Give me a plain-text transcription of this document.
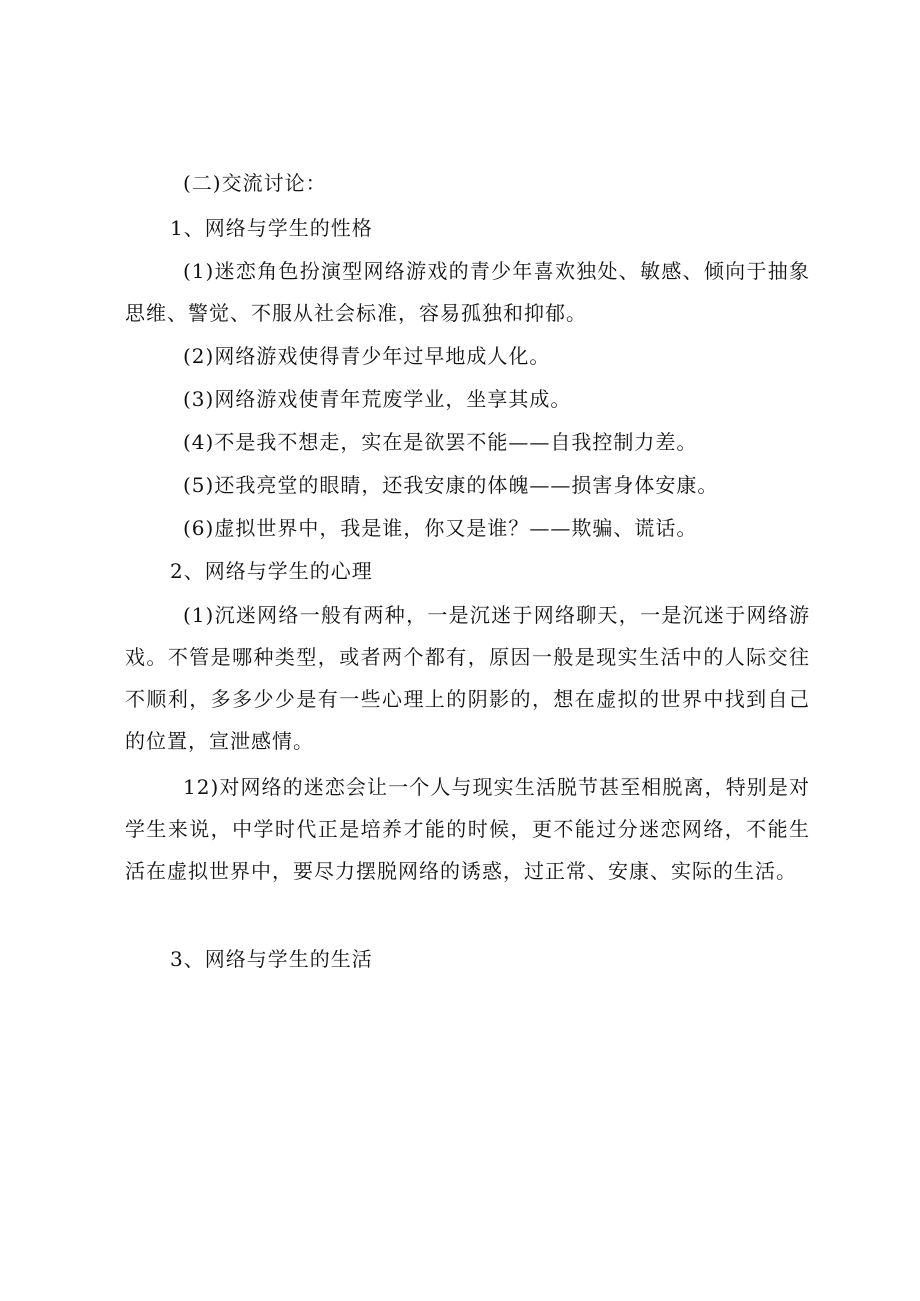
(二)交流讨论：
1、网络与学生的性格
(1)迷恋角色扮演型网络游戏的青少年喜欢独处、敏感、倾向于抽象思维、警觉、不服从社会标准，容易孤独和抑郁。
(2)网络游戏使得青少年过早地成人化。
(3)网络游戏使青年荒废学业，坐享其成。
(4)不是我不想走，实在是欲罢不能——自我控制力差。
(5)还我亮堂的眼睛，还我安康的体魄——损害身体安康。
(6)虚拟世界中，我是谁，你又是谁？——欺骗、谎话。
2、网络与学生的心理
(1)沉迷网络一般有两种，一是沉迷于网络聊天，一是沉迷于网络游戏。不管是哪种类型，或者两个都有，原因一般是现实生活中的人际交往不顺利，多多少少是有一些心理上的阴影的，想在虚拟的世界中找到自己的位置，宣泄感情。
12)对网络的迷恋会让一个人与现实生活脱节甚至相脱离，特别是对学生来说，中学时代正是培养才能的时候，更不能过分迷恋网络，不能生活在虚拟世界中，要尽力摆脱网络的诱惑，过正常、安康、实际的生活。
3、网络与学生的生活
